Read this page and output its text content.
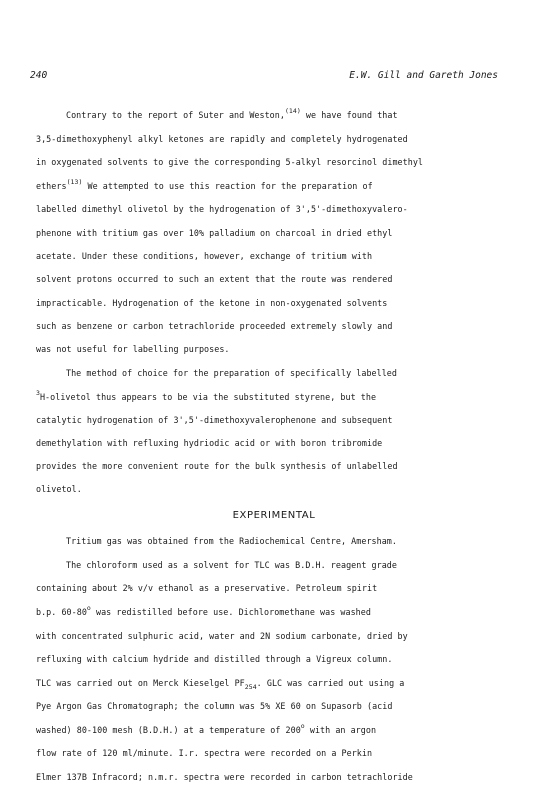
240	E.W. Gill and Gareth Jones
Contrary to the report of Suter and Weston,$^{(14)}$ we have found that
3,5-dimethoxyphenyl alkyl ketones are rapidly and completely hydrogenated
in oxygenated solvents to give the corresponding 5-alkyl resorcinol dimethyl
ethers$^{(13)}$ We attempted to use this reaction for the preparation of
labelled dimethyl olivetol by the hydrogenation of 3',5'-dimethoxyvalero-
phenone with tritium gas over 10% palladium on charcoal in dried ethyl
acetate. Under these conditions, however, exchange of tritium with
solvent protons occurred to such an extent that the route was rendered
impracticable. Hydrogenation of the ketone in non-oxygenated solvents
such as benzene or carbon tetrachloride proceeded extremely slowly and
was not useful for labelling purposes.
The method of choice for the preparation of specifically labelled
$^3$H-olivetol thus appears to be via the substituted styrene, but the
catalytic hydrogenation of 3',5'-dimethoxyvalerophenone and subsequent
demethylation with refluxing hydriodic acid or with boron tribromide
provides the more convenient route for the bulk synthesis of unlabelled
olivetol.
EXPERIMENTAL
Tritium gas was obtained from the Radiochemical Centre, Amersham.
The chloroform used as a solvent for TLC was B.D.H. reagent grade
containing about 2% v/v ethanol as a preservative. Petroleum spirit
b.p. 60-80$^o$ was redistilled before use. Dichloromethane was washed
with concentrated sulphuric acid, water and 2N sodium carbonate, dried by
refluxing with calcium hydride and distilled through a Vigreux column.
TLC was carried out on Merck Kieselgel $PF_{254}$. GLC was carried out using a
Pye Argon Gas Chromatograph; the column was 5% XE 60 on Supasorb (acid
washed) 80-100 mesh (B.D.H.) at a temperature of 200$^o$ with an argon
flow rate of 120 ml/minute. I.r. spectra were recorded on a Perkin
Elmer 137B Infracord; n.m.r. spectra were recorded in carbon tetrachloride
